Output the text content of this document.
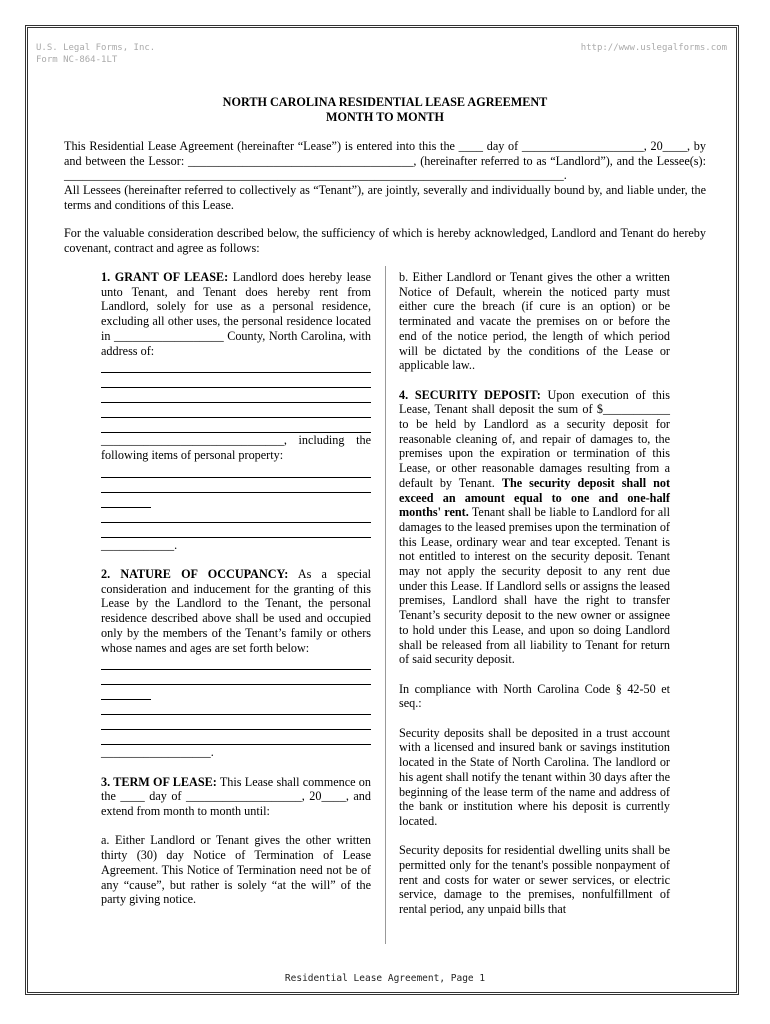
U.S. Legal Forms, Inc.
Form NC-864-1LT
http://www.uslegalforms.com
NORTH CAROLINA RESIDENTIAL LEASE AGREEMENT
MONTH TO MONTH

This Residential Lease Agreement (hereinafter “Lease”) is entered into this the ____ day of ____________________, 20____, by and between the Lessor: _____________________________________, (hereinafter referred to as “Landlord”), and the Lessee(s): __________________________________________________________________________________.

All Lessees (hereinafter referred to collectively as “Tenant”), are jointly, severally and individually bound by, and liable under, the terms and conditions of this Lease.

For the valuable consideration described below, the sufficiency of which is hereby acknowledged, Landlord and Tenant do hereby covenant, contract and agree as follows:

1. GRANT OF LEASE: Landlord does hereby lease unto Tenant, and Tenant does hereby rent from Landlord, solely for use as a personal residence, excluding all other uses, the personal residence located in __________________ County, North Carolina, with address of:

______________________________, including the following items of personal property:

____________.

2. NATURE OF OCCUPANCY: As a special consideration and inducement for the granting of this Lease by the Landlord to the Tenant, the personal residence described above shall be used and occupied only by the members of the Tenant’s family or others whose names and ages are set forth below:

__________________.

3. TERM OF LEASE: This Lease shall commence on the ____ day of ___________________, 20____, and extend from month to month until:

a. Either Landlord or Tenant gives the other written thirty (30) day Notice of Termination of Lease Agreement. This Notice of Termination need not be of any “cause”, but rather is solely “at the will” of the party giving notice.

b. Either Landlord or Tenant gives the other a written Notice of Default, wherein the noticed party must either cure the breach (if cure is an option) or be terminated and vacate the premises on or before the end of the notice period, the length of which period will be dictated by the conditions of the Lease or applicable law..

4. SECURITY DEPOSIT: Upon execution of this Lease, Tenant shall deposit the sum of $___________ to be held by Landlord as a security deposit for reasonable cleaning of, and repair of damages to, the premises upon the expiration or termination of this Lease, or other reasonable damages resulting from a default by Tenant. The security deposit shall not exceed an amount equal to one and one-half months' rent. Tenant shall be liable to Landlord for all damages to the leased premises upon the termination of this Lease, ordinary wear and tear excepted. Tenant is not entitled to interest on the security deposit. Tenant may not apply the security deposit to any rent due under this Lease. If Landlord sells or assigns the leased premises, Landlord shall have the right to transfer Tenant’s security deposit to the new owner or assignee to hold under this Lease, and upon so doing Landlord shall be released from all liability to Tenant for return of said security deposit.

In compliance with North Carolina Code § 42-50 et seq.:

Security deposits shall be deposited in a trust account with a licensed and insured bank or savings institution located in the State of North Carolina. The landlord or his agent shall notify the tenant within 30 days after the beginning of the lease term of the name and address of the bank or institution where his deposit is currently located.

Security deposits for residential dwelling units shall be permitted only for the tenant's possible nonpayment of rent and costs for water or sewer services, or electric service, damage to the premises, nonfulfillment of rental period, any unpaid bills that

Residential Lease Agreement, Page 1
